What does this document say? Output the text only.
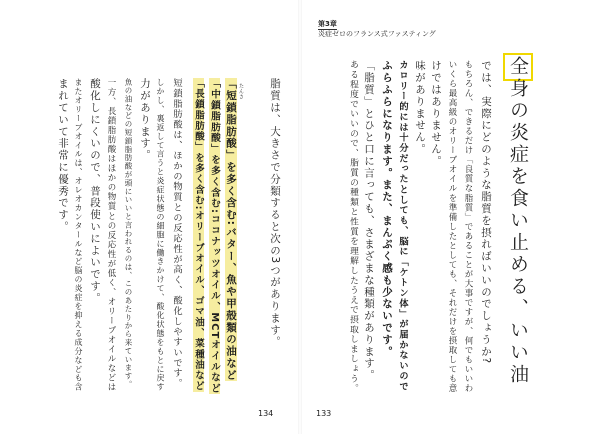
第3章
炎症ゼロのフランス式ファスティング
全身の炎症を食い止める、いい油
では、実際にどのような脂質を摂ればいいのでしょうか?
もちろん、できるだけ「良質な脂質」であることが大事ですが、何でもいいわ
いくら最高級のオリーブオイルを準備したとしても、それだけを摂取しても意
けではありません。
味がありません。
カロリー的には十分だったとしても、脳に「ケトン体」が届かないので
ふらふらになります。また、まんぷく感も少ないです。
「脂質」とひと口に言っても、さまざまな種類があります。
ある程度でいいので、脂質の種類と性質を理解したうえで摂取しましょう。
133
脂質は、大きさで分類すると次の3つがあります。
たんさ
「短鎖脂肪酸」を多く含む:バター、魚や甲殻類の油など
「中鎖脂肪酸」を多く含む:ココナッツオイル、MCTオイルなど
「長鎖脂肪酸」を多く含む:オリーブオイル、ゴマ油、菜種油など
短鎖脂肪酸は、ほかの物質との反応性が高く、酸化しやすいです。
しかし、裏返して言うと炎症状態の細胞に働きかけて、酸化状態をもとに戻す
力があります。
魚の油などの短鎖脂肪酸が頭にいいと言われるのは、このあたりから来ています。
一方、長鎖脂肪酸はほかの物質との反応性が低く、オリーブオイルなどは
酸化しにくいので、普段使いによいです。
またオリーブオイルは、オレオカンタールなど脳の炎症を抑える成分なども含
まれていて非常に優秀です。
134
